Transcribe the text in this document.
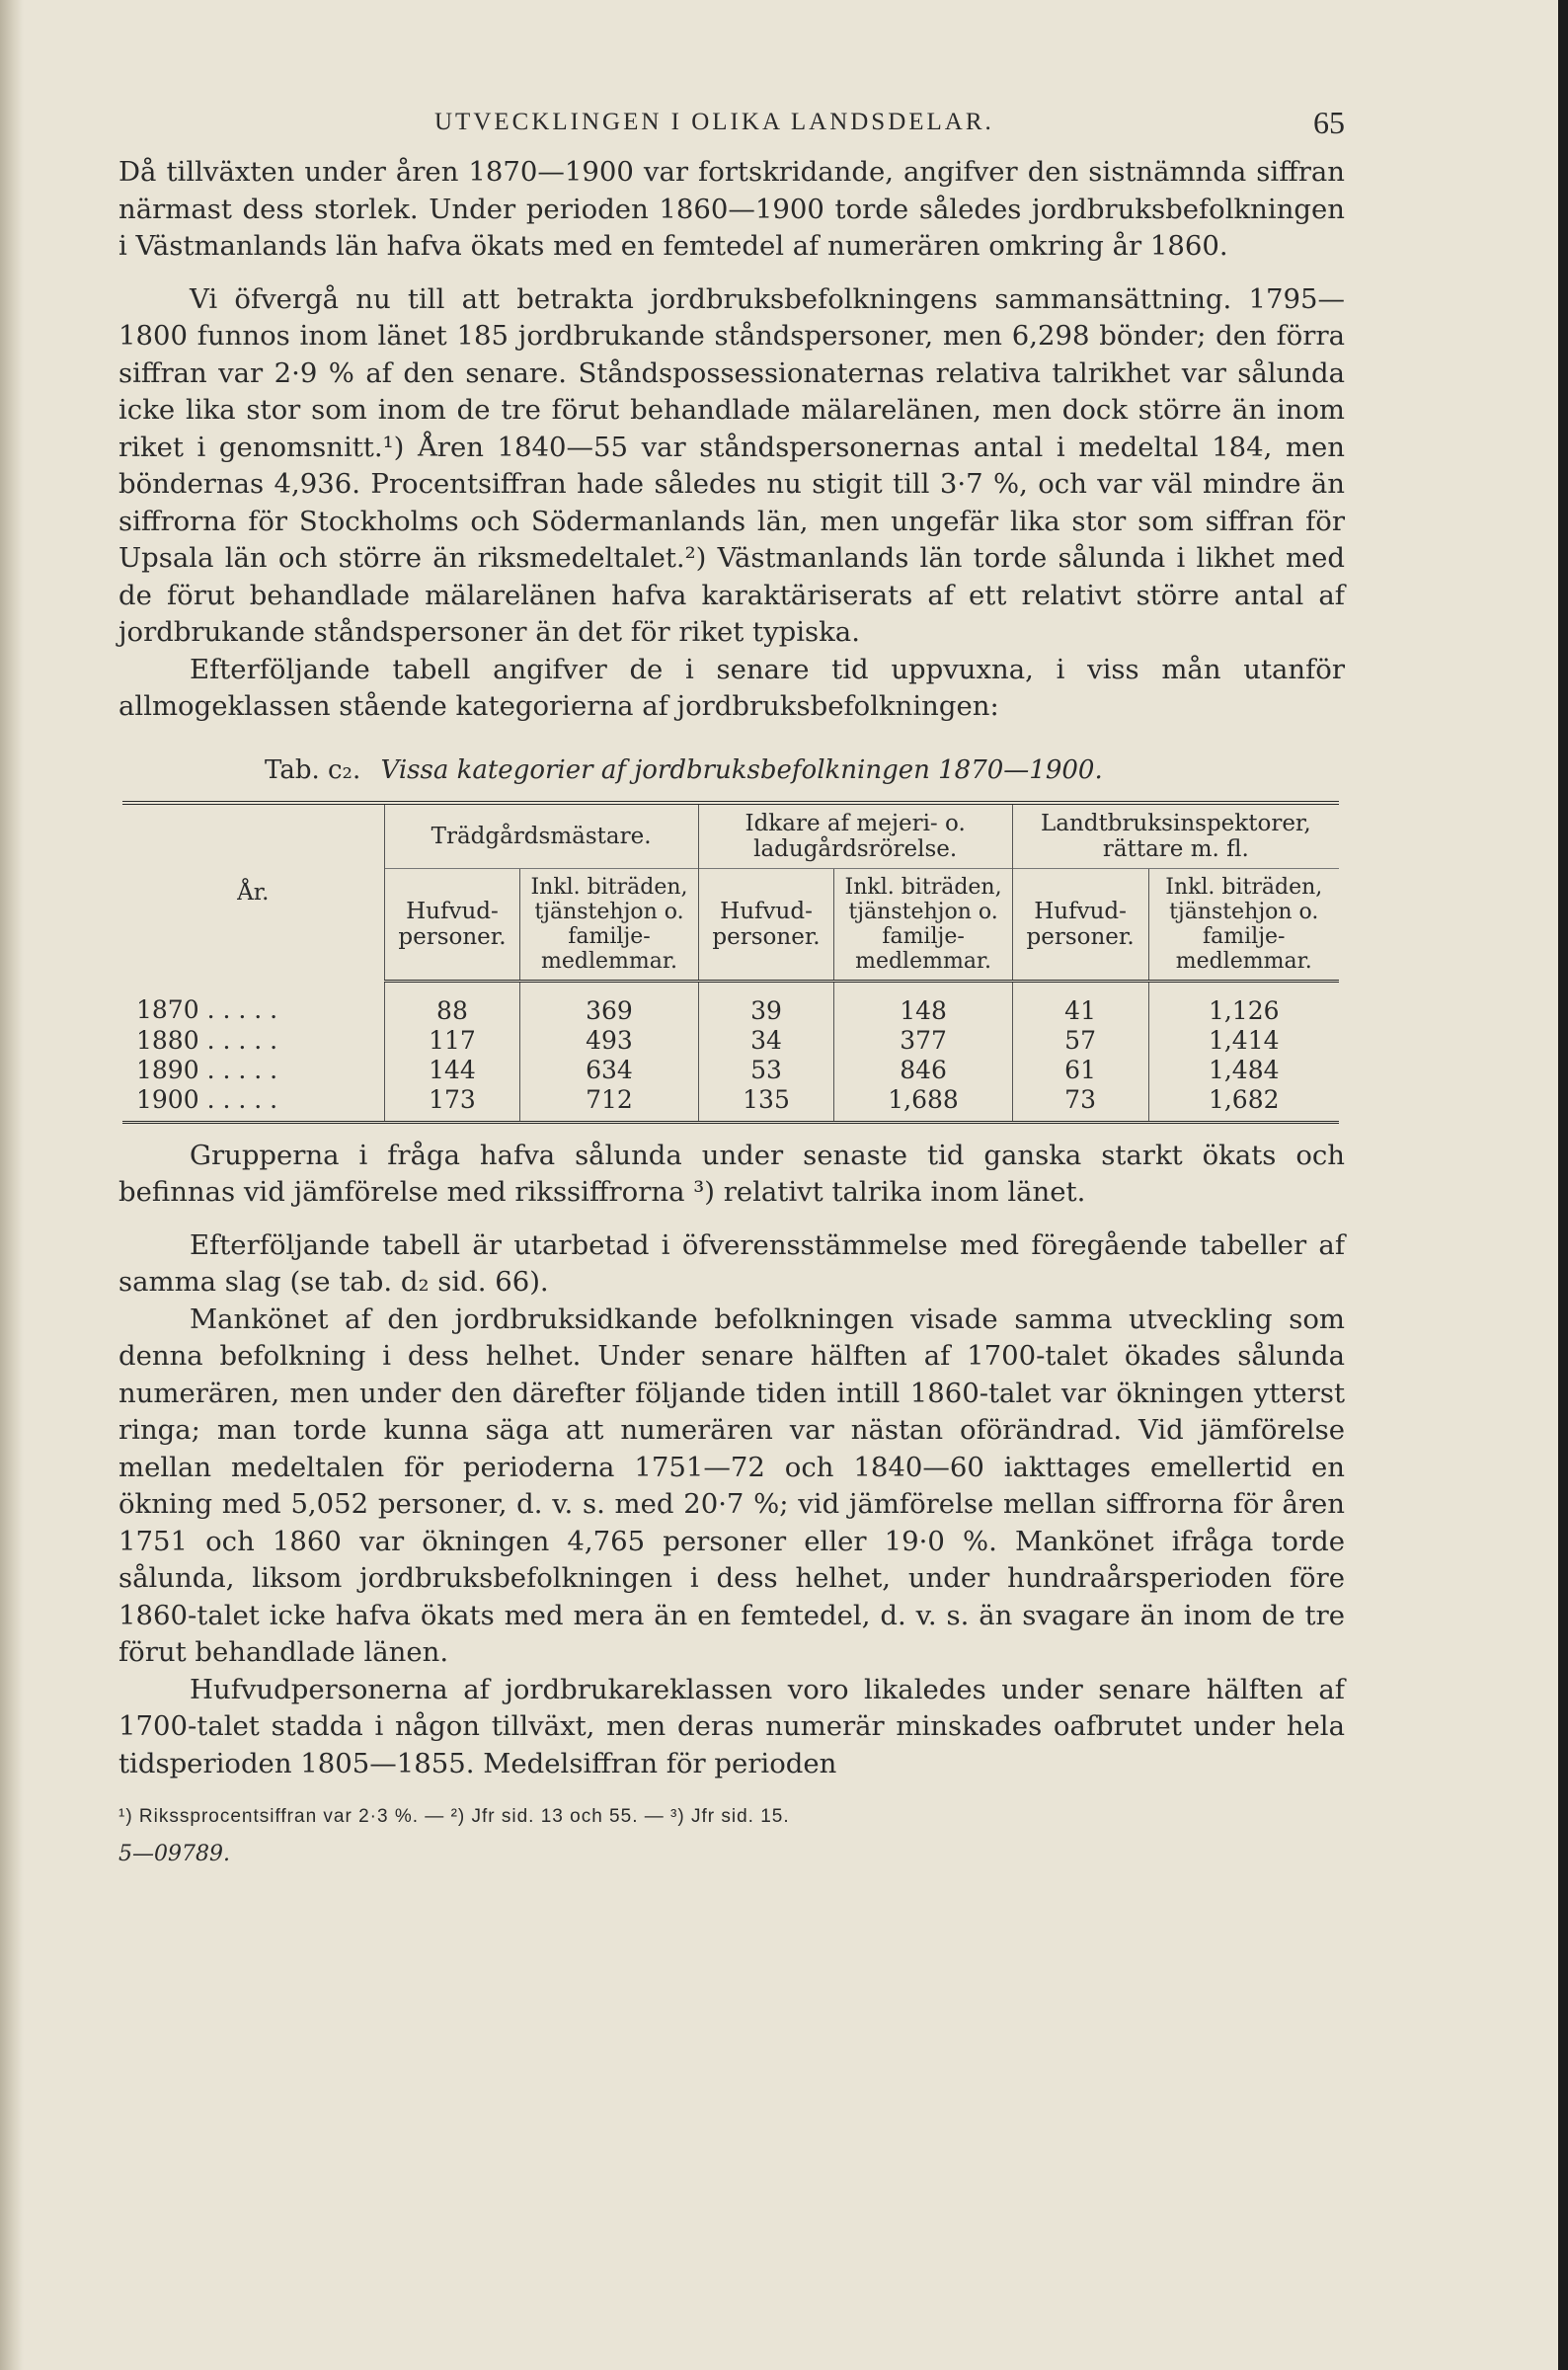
UTVECKLINGEN I OLIKA LANDSDELAR.	65

Då tillväxten under åren 1870—1900 var fortskridande, angifver den sistnämnda siffran närmast dess storlek. Under perioden 1860—1900 torde således jordbruksbefolkningen i Västmanlands län hafva ökats med en femtedel af numerären omkring år 1860.

Vi öfvergå nu till att betrakta jordbruksbefolkningens sammansättning. 1795—1800 funnos inom länet 185 jordbrukande ståndspersoner, men 6,298 bönder; den förra siffran var 2·9 % af den senare. Ståndspossessionaternas relativa talrikhet var sålunda icke lika stor som inom de tre förut behandlade mälarelänen, men dock större än inom riket i genomsnitt.¹) Åren 1840—55 var ståndspersonernas antal i medeltal 184, men böndernas 4,936. Procentsiffran hade således nu stigit till 3·7 %, och var väl mindre än siffrorna för Stockholms och Södermanlands län, men ungefär lika stor som siffran för Upsala län och större än riksmedeltalet.²) Västmanlands län torde sålunda i likhet med de förut behandlade mälarelänen hafva karaktäriserats af ett relativt större antal af jordbrukande ståndspersoner än det för riket typiska.

Efterföljande tabell angifver de i senare tid uppvuxna, i viss mån utanför allmogeklassen stående kategorierna af jordbruksbefolkningen:

Tab. c₂. Vissa kategorier af jordbruksbefolkningen 1870—1900.
År.	Trädgårdsmästare.		Idkare af mejeri- o. ladugårdsrörelse.		Landtbruksinspektorer, rättare m. fl.	
	Hufvud-personer.	Inkl. biträden, tjänstehjon o. familje-medlemmar.	Hufvud-personer.	Inkl. biträden, tjänstehjon o. familje-medlemmar.	Hufvud-personer.	Inkl. biträden, tjänstehjon o. familje-medlemmar.
1870 . . . . .	88	369	39	148	41	1,126
1880 . . . . .	117	493	34	377	57	1,414
1890 . . . . .	144	634	53	846	61	1,484
1900 . . . . .	173	712	135	1,688	73	1,682

Grupperna i fråga hafva sålunda under senaste tid ganska starkt ökats och befinnas vid jämförelse med rikssiffrorna ³) relativt talrika inom länet.

Efterföljande tabell är utarbetad i öfverensstämmelse med föregående tabeller af samma slag (se tab. d₂ sid. 66).

Mankönet af den jordbruksidkande befolkningen visade samma utveckling som denna befolkning i dess helhet. Under senare hälften af 1700-talet ökades sålunda numerären, men under den därefter följande tiden intill 1860-talet var ökningen ytterst ringa; man torde kunna säga att numerären var nästan oförändrad. Vid jämförelse mellan medeltalen för perioderna 1751—72 och 1840—60 iakttages emellertid en ökning med 5,052 personer, d. v. s. med 20·7 %; vid jämförelse mellan siffrorna för åren 1751 och 1860 var ökningen 4,765 personer eller 19·0 %. Mankönet ifråga torde sålunda, liksom jordbruksbefolkningen i dess helhet, under hundraårsperioden före 1860-talet icke hafva ökats med mera än en femtedel, d. v. s. än svagare än inom de tre förut behandlade länen.

Hufvudpersonerna af jordbrukareklassen voro likaledes under senare hälften af 1700-talet stadda i någon tillväxt, men deras numerär minskades oafbrutet under hela tidsperioden 1805—1855. Medelsiffran för perioden

¹) Rikssprocentsiffran var 2·3 %. — ²) Jfr sid. 13 och 55. — ³) Jfr sid. 15.
5—09789.
